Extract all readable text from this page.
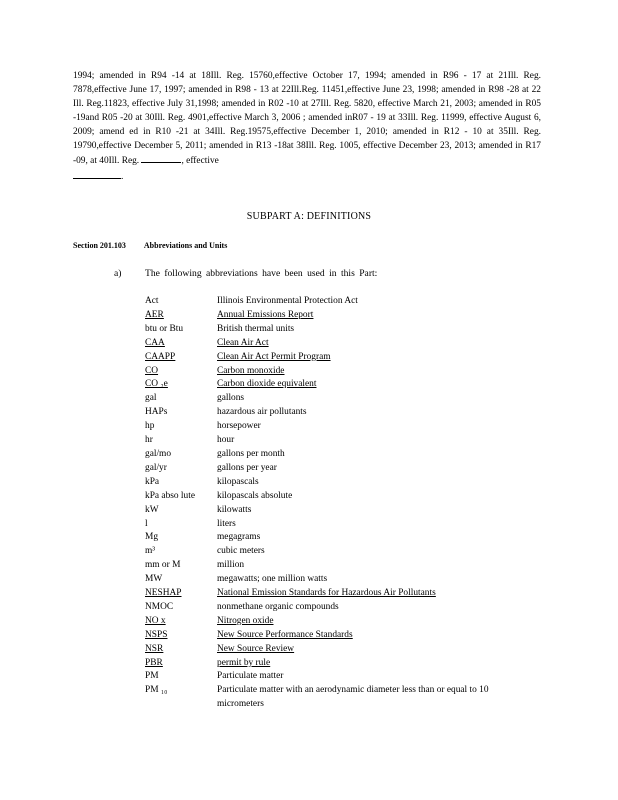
1994; amended in R94 -14 at 18Ill. Reg. 15760,effective October 17, 1994; amended in R96 - 17 at 21Ill. Reg. 7878,effective June 17, 1997; amended in R98 - 13 at 22Ill.Reg. 11451,effective June 23, 1998; amended in R98 -28 at 22 Ill. Reg.11823, effective July 31,1998; amended in R02 -10 at 27Ill. Reg. 5820, effective March 21, 2003; amended in R05 -19and R05 -20 at 30Ill. Reg. 4901,effective March 3, 2006 ; amended inR07 - 19 at 33Ill. Reg. 11999, effective August 6, 2009; amend ed in R10 -21 at 34Ill. Reg.19575,effective December 1, 2010; amended in R12 - 10 at 35Ill. Reg. 19790,effective December 5, 2011; amended in R13 -18at 38Ill. Reg. 1005, effective December 23, 2013; amended in R17 -09, at 40Ill. Reg.	, effective
.

SUBPART A: DEFINITIONS

Section 201.103 Abbreviations and Units

a) The following abbreviations have been used in this Part:

Act	Illinois Environmental Protection Act
AER	Annual Emissions Report
btu or Btu	British thermal units
CAA	Clean Air Act
CAAPP	Clean Air Act Permit Program
CO	Carbon monoxide
CO ₂e	Carbon dioxide equivalent
gal	gallons
HAPs	hazardous air pollutants
hp	horsepower
hr	hour
gal/mo	gallons per month
gal/yr	gallons per year
kPa	kilopascals
kPa abso lute	kilopascals absolute
kW	kilowatts
l	liters
Mg	megagrams
m³	cubic meters
mm or M	million
MW	megawatts; one million watts
NESHAP	National Emission Standards for Hazardous Air Pollutants
NMOC	nonmethane organic compounds
NO x	Nitrogen oxide
NSPS	New Source Performance Standards
NSR	New Source Review
PBR	permit by rule
PM	Particulate matter
PM ₁₀	Particulate matter with an aerodynamic diameter less than or equal to 10 micrometers
